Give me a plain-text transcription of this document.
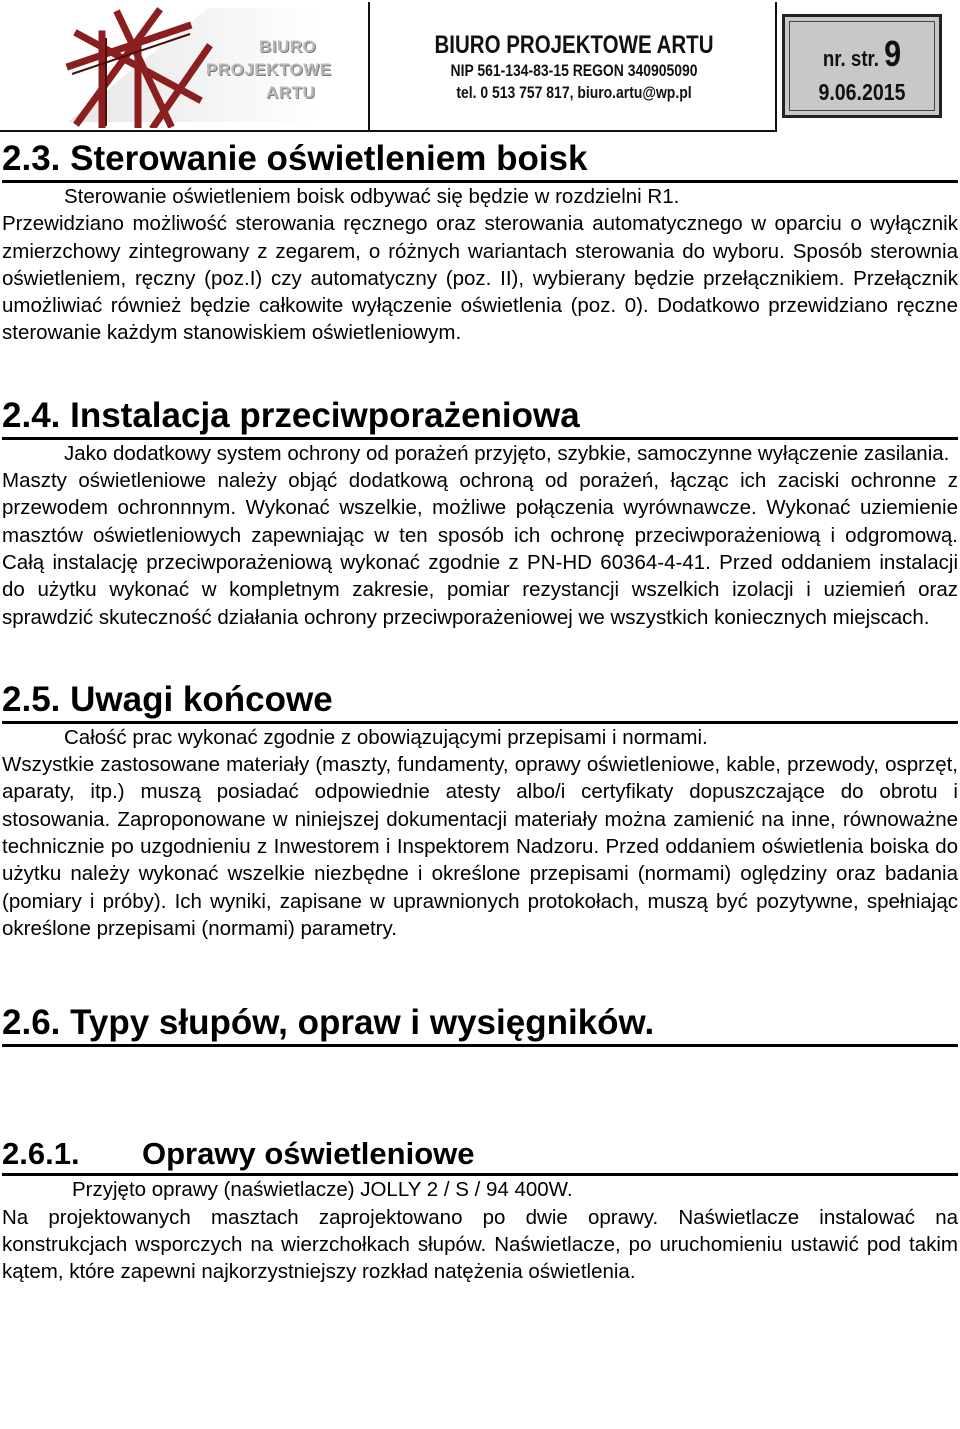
BIURO
PROJEKTOWE
ARTU
BIURO PROJEKTOWE ARTU
NIP 561-134-83-15 REGON 340905090
tel. 0 513 757 817, biuro.artu@wp.pl
nr. str. 9
9.06.2015
2.3. Sterowanie oświetleniem boisk

Sterowanie oświetleniem boisk odbywać się będzie w rozdzielni R1.

Przewidziano możliwość sterowania ręcznego oraz sterowania automatycznego w oparciu o wyłącznik zmierzchowy zintegrowany z zegarem, o różnych wariantach sterowania do wyboru. Sposób sterownia oświetleniem, ręczny (poz.I) czy automatyczny (poz. II), wybierany będzie przełącznikiem. Przełącznik umożliwiać również będzie całkowite wyłączenie oświetlenia (poz. 0). Dodatkowo przewidziano ręczne sterowanie każdym stanowiskiem oświetleniowym.

2.4. Instalacja przeciwporażeniowa

Jako dodatkowy system ochrony od porażeń przyjęto, szybkie, samoczynne wyłączenie zasilania.

Maszty oświetleniowe należy objąć dodatkową ochroną od porażeń, łącząc ich zaciski ochronne z przewodem ochronnnym. Wykonać wszelkie, możliwe połączenia wyrównawcze. Wykonać uziemienie masztów oświetleniowych zapewniając w ten sposób ich ochronę przeciwporażeniową i odgromową. Całą instalację przeciwporażeniową wykonać zgodnie z PN-HD 60364-4-41. Przed oddaniem instalacji do użytku wykonać w kompletnym zakresie, pomiar rezystancji wszelkich izolacji i uziemień oraz sprawdzić skuteczność działania ochrony przeciwporażeniowej we wszystkich koniecznych miejscach.

2.5. Uwagi końcowe

Całość prac wykonać zgodnie z obowiązującymi przepisami i normami.

Wszystkie zastosowane materiały (maszty, fundamenty, oprawy oświetleniowe, kable, przewody, osprzęt, aparaty, itp.) muszą posiadać odpowiednie atesty albo/i certyfikaty dopuszczające do obrotu i stosowania. Zaproponowane w niniejszej dokumentacji materiały można zamienić na inne, równoważne technicznie po uzgodnieniu z Inwestorem i Inspektorem Nadzoru. Przed oddaniem oświetlenia boiska do użytku należy wykonać wszelkie niezbędne i określone przepisami (normami) oględziny oraz badania (pomiary i próby). Ich wyniki, zapisane w uprawnionych protokołach, muszą być pozytywne, spełniając określone przepisami (normami) parametry.

2.6. Typy słupów, opraw i wysięgników.
2.6.1. Oprawy oświetleniowe

Przyjęto oprawy (naświetlacze) JOLLY 2 / S / 94 400W.

Na projektowanych masztach zaprojektowano po dwie oprawy. Naświetlacze instalować na konstrukcjach wsporczych na wierzchołkach słupów. Naświetlacze, po uruchomieniu ustawić pod takim kątem, które zapewni najkorzystniejszy rozkład natężenia oświetlenia.
